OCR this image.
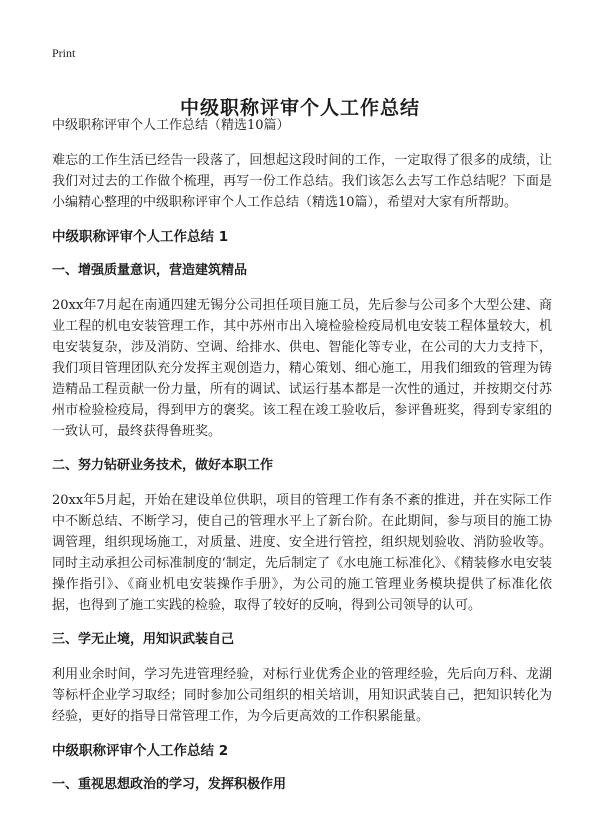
Print
中级职称评审个人工作总结
中级职称评审个人工作总结（精选10篇）

难忘的工作生活已经告一段落了，回想起这段时间的工作，一定取得了很多的成绩，让我们对过去的工作做个梳理，再写一份工作总结。我们该怎么去写工作总结呢？下面是小编精心整理的中级职称评审个人工作总结（精选10篇），希望对大家有所帮助。

中级职称评审个人工作总结 1
一、增强质量意识，营造建筑精品

20xx年7月起在南通四建无锡分公司担任项目施工员，先后参与公司多个大型公建、商业工程的机电安装管理工作，其中苏州市出入境检验检疫局机电安装工程体量较大，机电安装复杂，涉及消防、空调、给排水、供电、智能化等专业，在公司的大力支持下，我们项目管理团队充分发挥主观创造力，精心策划、细心施工，用我们细致的管理为铸造精品工程贡献一份力量，所有的调试、试运行基本都是一次性的通过，并按期交付苏州市检验检疫局，得到甲方的褒奖。该工程在竣工验收后，参评鲁班奖，得到专家组的一致认可，最终获得鲁班奖。

二、努力钻研业务技术，做好本职工作

20xx年5月起，开始在建设单位供职，项目的管理工作有条不紊的推进，并在实际工作中不断总结、不断学习，使自己的管理水平上了新台阶。在此期间，参与项目的施工协调管理，组织现场施工，对质量、进度、安全进行管控，组织规划验收、消防验收等。同时主动承担公司标准制度的‘制定，先后制定了《水电施工标准化》、《精装修水电安装操作指引》、《商业机电安装操作手册》，为公司的施工管理业务模块提供了标准化依据，也得到了施工实践的检验，取得了较好的反响，得到公司领导的认可。

三、学无止境，用知识武装自己

利用业余时间，学习先进管理经验，对标行业优秀企业的管理经验，先后向万科、龙湖等标杆企业学习取经；同时参加公司组织的相关培训，用知识武装自己，把知识转化为经验，更好的指导日常管理工作，为今后更高效的工作积累能量。

中级职称评审个人工作总结 2
一、重视思想政治的学习，发挥积极作用
